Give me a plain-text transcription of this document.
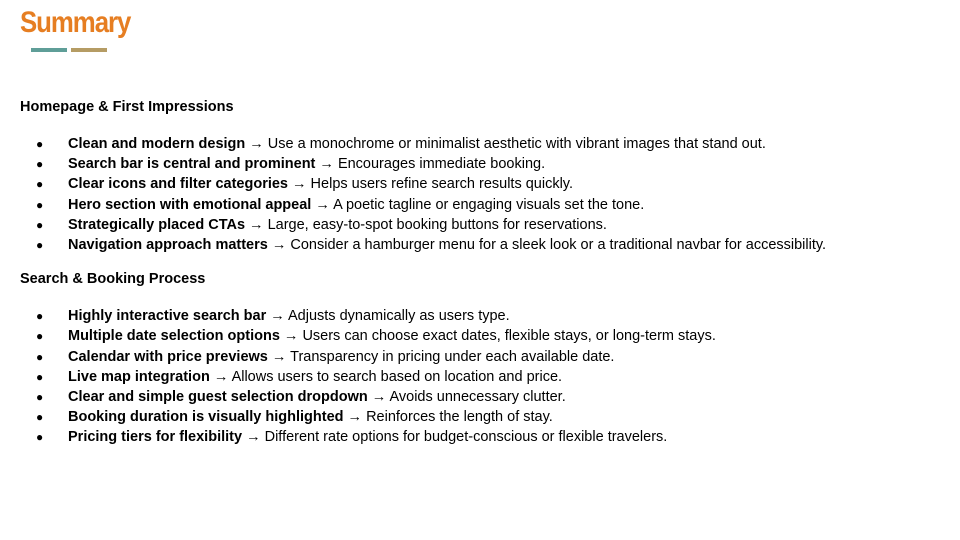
Summary
Homepage & First Impressions
● Clean and modern design → Use a monochrome or minimalist aesthetic with vibrant images that stand out.
● Search bar is central and prominent → Encourages immediate booking.
● Clear icons and filter categories → Helps users refine search results quickly.
● Hero section with emotional appeal → A poetic tagline or engaging visuals set the tone.
● Strategically placed CTAs → Large, easy-to-spot booking buttons for reservations.
● Navigation approach matters → Consider a hamburger menu for a sleek look or a traditional navbar for accessibility.
Search & Booking Process
● Highly interactive search bar → Adjusts dynamically as users type.
● Multiple date selection options → Users can choose exact dates, flexible stays, or long-term stays.
● Calendar with price previews → Transparency in pricing under each available date.
● Live map integration → Allows users to search based on location and price.
● Clear and simple guest selection dropdown → Avoids unnecessary clutter.
● Booking duration is visually highlighted → Reinforces the length of stay.
● Pricing tiers for flexibility → Different rate options for budget-conscious or flexible travelers.
